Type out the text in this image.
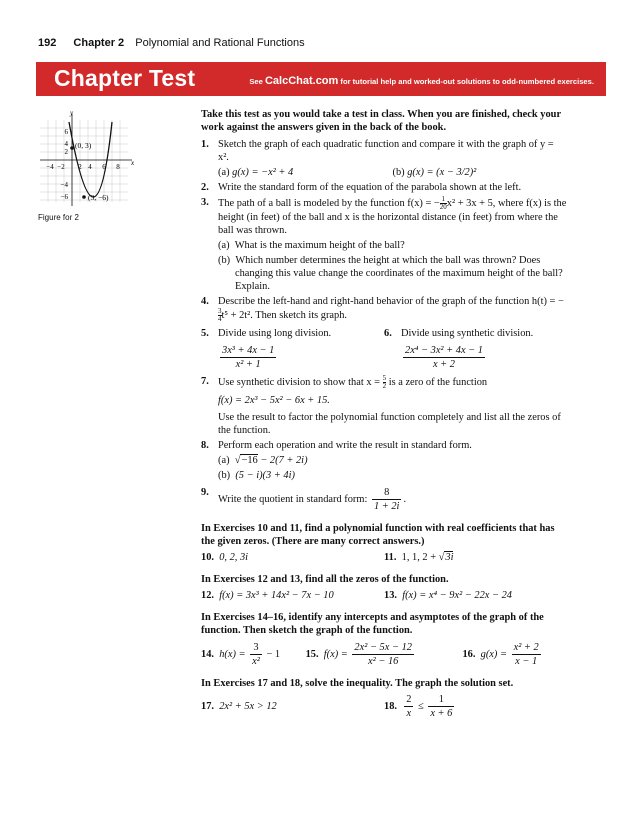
192 Chapter 2 Polynomial and Rational Functions
Chapter Test	See CalcChat.com for tutorial help and worked-out solutions to odd-numbered exercises.
y
x
6
4
2
−4
−6
−4 −2 2 4 6 8
(0, 3)
(3, −6)
Figure for 2
Take this test as you would take a test in class. When you are finished, check your work against the answers given in the back of the book.
1. Sketch the graph of each quadratic function and compare it with the graph of y = x².
(a) g(x) = −x² + 4	(b) g(x) = (x − 3/2)²
2. Write the standard form of the equation of the parabola shown at the left.
3. The path of a ball is modeled by the function f(x) = − $\frac{1}{20}x^2 + 3x + 5$, where f(x) is the height (in feet) of the ball and x is the horizontal distance (in feet) from where the ball was thrown.
(a) What is the maximum height of the ball?
(b) Which number determines the height at which the ball was thrown? Does changing this value change the coordinates of the maximum height of the ball? Explain.
4. Describe the left-hand and right-hand behavior of the graph of the function h(t) = −
$\frac{3}{4}t^5 + 2t^2$. Then sketch its graph.
5. Divide using long division.
$\frac{\text{3x³ + 4x − 1}}{\text{x² + 1}}$
6. Divide using synthetic division.
$\frac{\text{2x⁴ − 3x² + 4x − 1}}{x + 2}$
7. Use synthetic division to show that $x = \frac{5}{2}$ is a zero of the function
f(x) = 2x³ − 5x² − 6x + 15.
Use the result to factor the polynomial function completely and list all the zeros of the function.
8. Perform each operation and write the result in standard form.
(a)  √−16 − 2(7 + 2i)
(b) (5 − i)(3 + 4i)
9.
Write the quotient in standard form: $\frac{8}{1 + 2i}$ .
In Exercises 10 and 11, find a polynomial function with real coefficients that has the given zeros. (There are many correct answers.)
10. 0, 2, 3i	11. 1, 1, 2 + √3i
In Exercises 12 and 13, find all the zeros of the function.
12. f(x) = 3x³ + 14x² − 7x − 10	13. f(x) = x⁴ − 9x² − 22x − 24
In Exercises 14–16, identify any intercepts and asymptotes of the graph of the function. Then sketch the graph of the function.
14. $h(x) = \frac{3}{\text{x²}} - 1$	15. $f(x) = \frac{\text{2x² − 5x − 12}}{\text{x² − 16}}$	16. $g(x) = \frac{\text{x² + 2}}{x - 1}$
In Exercises 17 and 18, solve the inequality. The graph the solution set.
17. 2x² + 5x > 12	18. $\frac{2}{x} \le \frac{1}{x + 6}$
